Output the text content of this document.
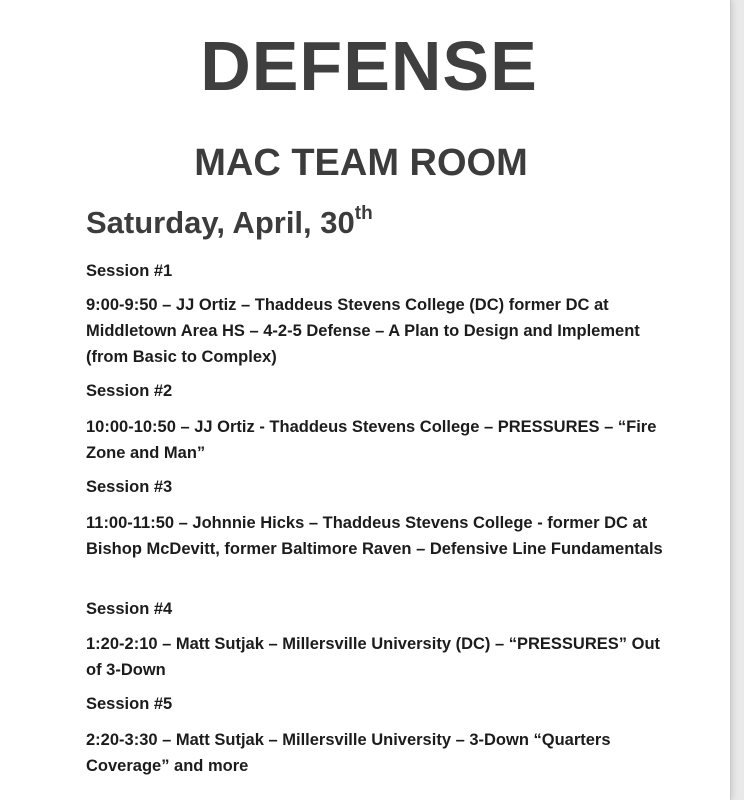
DEFENSE
MAC TEAM ROOM
Saturday, April, 30th
Session #1
9:00-9:50 – JJ Ortiz – Thaddeus Stevens College (DC) former DC at Middletown Area HS – 4-2-5 Defense – A Plan to Design and Implement (from Basic to Complex)
Session #2
10:00-10:50 – JJ Ortiz - Thaddeus Stevens College – PRESSURES – “Fire Zone and Man”
Session #3
11:00-11:50 – Johnnie Hicks – Thaddeus Stevens College - former DC at Bishop McDevitt, former Baltimore Raven – Defensive Line Fundamentals
Session #4
1:20-2:10 – Matt Sutjak – Millersville University (DC) – “PRESSURES” Out of 3-Down
Session #5
2:20-3:30 – Matt Sutjak – Millersville University – 3-Down “Quarters Coverage” and more
